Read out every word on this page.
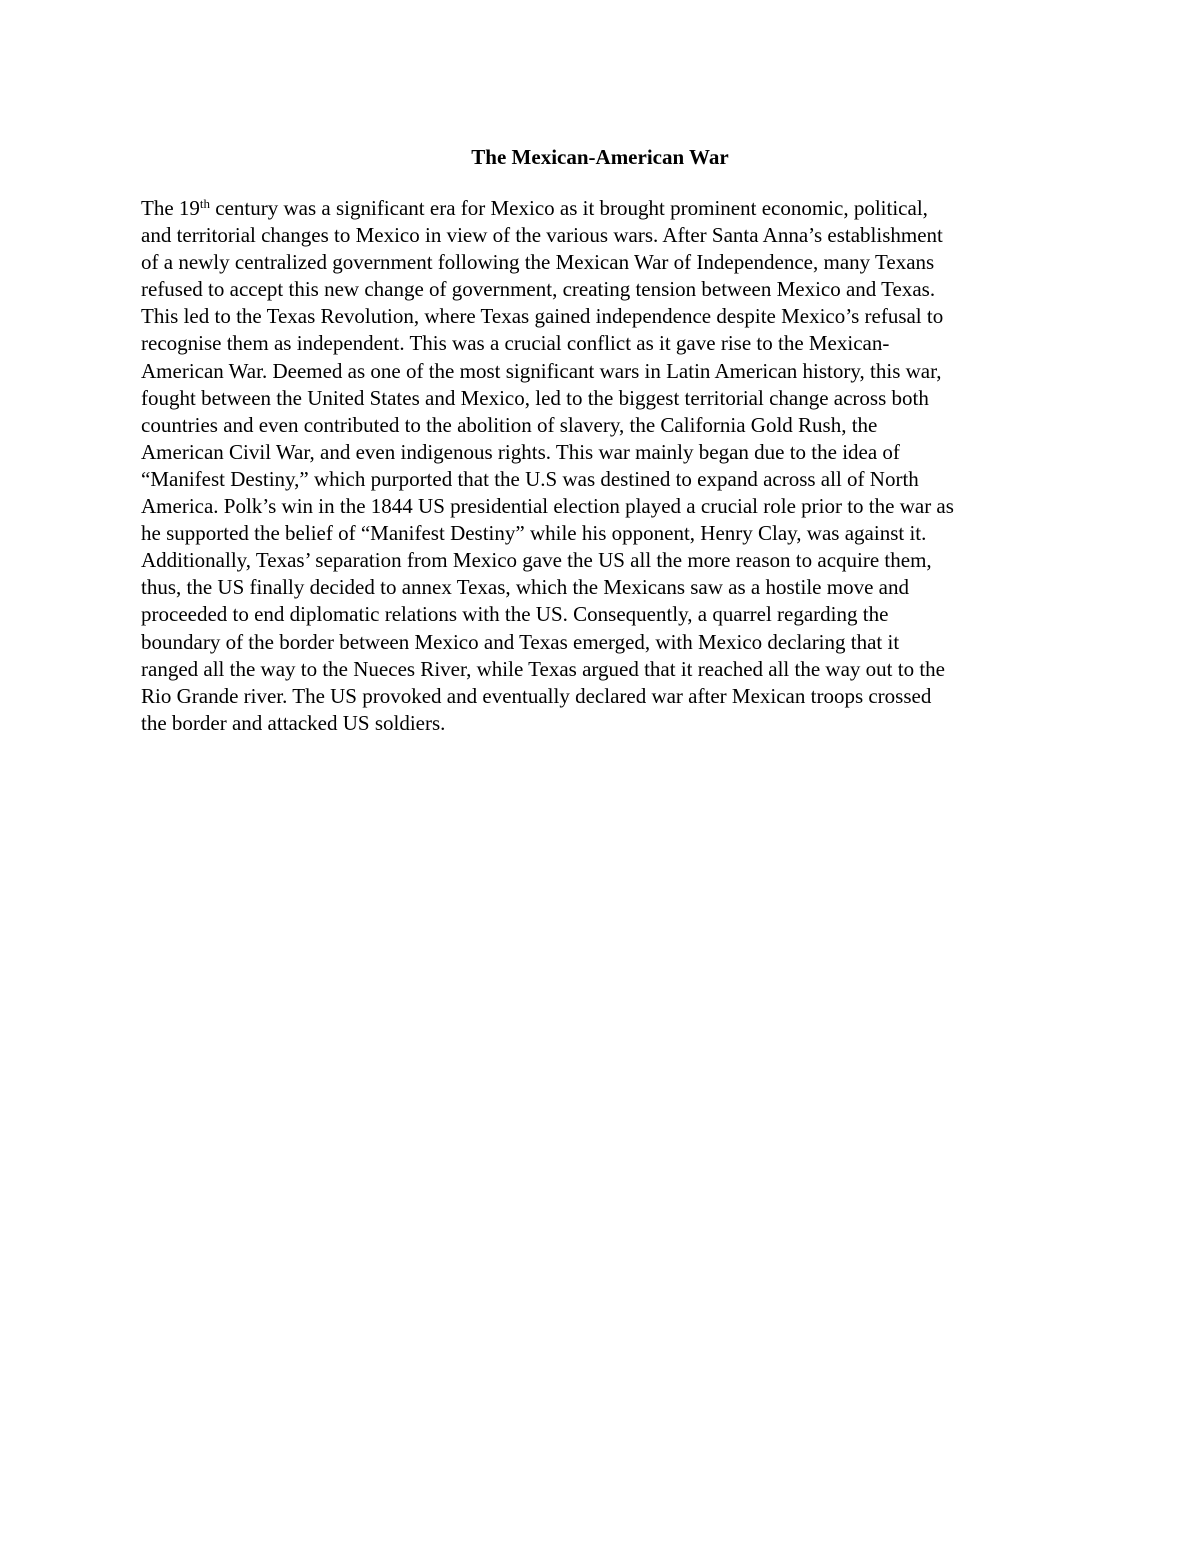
The Mexican-American War
The 19th century was a significant era for Mexico as it brought prominent economic, political,
and territorial changes to Mexico in view of the various wars. After Santa Anna’s establishment
of a newly centralized government following the Mexican War of Independence, many Texans
refused to accept this new change of government, creating tension between Mexico and Texas.
This led to the Texas Revolution, where Texas gained independence despite Mexico’s refusal to
recognise them as independent. This was a crucial conflict as it gave rise to the Mexican-
American War. Deemed as one of the most significant wars in Latin American history, this war,
fought between the United States and Mexico, led to the biggest territorial change across both
countries and even contributed to the abolition of slavery, the California Gold Rush, the
American Civil War, and even indigenous rights. This war mainly began due to the idea of
“Manifest Destiny,” which purported that the U.S was destined to expand across all of North
America. Polk’s win in the 1844 US presidential election played a crucial role prior to the war as
he supported the belief of “Manifest Destiny” while his opponent, Henry Clay, was against it.
Additionally, Texas’ separation from Mexico gave the US all the more reason to acquire them,
thus, the US finally decided to annex Texas, which the Mexicans saw as a hostile move and
proceeded to end diplomatic relations with the US. Consequently, a quarrel regarding the
boundary of the border between Mexico and Texas emerged, with Mexico declaring that it
ranged all the way to the Nueces River, while Texas argued that it reached all the way out to the
Rio Grande river. The US provoked and eventually declared war after Mexican troops crossed
the border and attacked US soldiers.
